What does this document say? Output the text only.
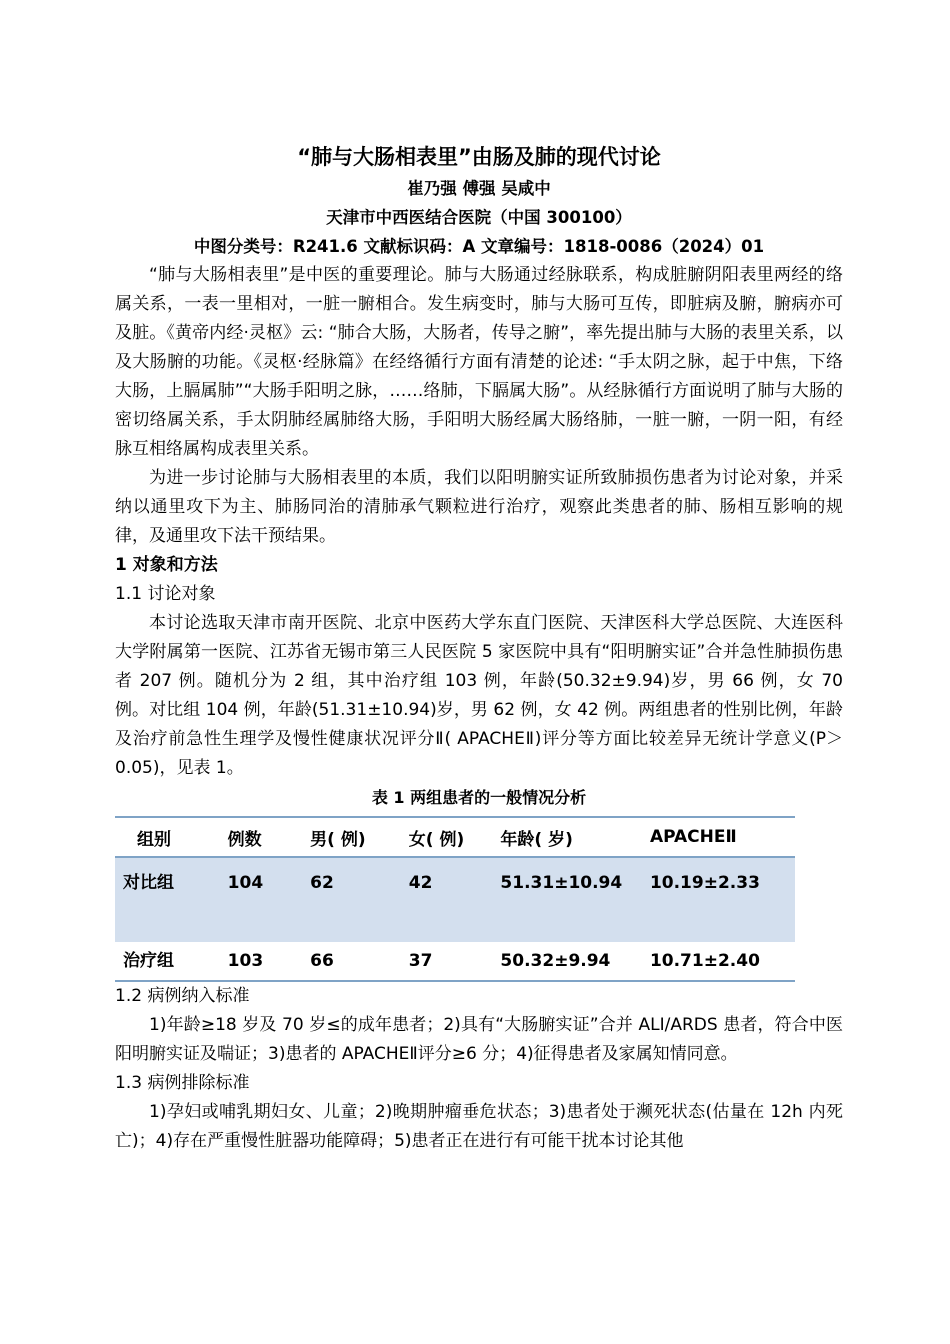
“肺与大肠相表里”由肠及肺的现代讨论

崔乃强 傅强 吴咸中

天津市中西医结合医院（中国 300100）

中图分类号：R241.6 文献标识码：A 文章编号：1818-0086（2024）01

“肺与大肠相表里”是中医的重要理论。肺与大肠通过经脉联系，构成脏腑阴阳表里两经的络属关系，一表一里相对，一脏一腑相合。发生病变时，肺与大肠可互传，即脏病及腑，腑病亦可及脏。《黄帝内经·灵枢》云: “肺合大肠，大肠者，传导之腑”，率先提出肺与大肠的表里关系，以及大肠腑的功能。《灵枢·经脉篇》在经络循行方面有清楚的论述: “手太阴之脉，起于中焦，下络大肠，上膈属肺”“大肠手阳明之脉，……络肺，下膈属大肠”。从经脉循行方面说明了肺与大肠的密切络属关系，手太阴肺经属肺络大肠，手阳明大肠经属大肠络肺，一脏一腑，一阴一阳，有经脉互相络属构成表里关系。

为进一步讨论肺与大肠相表里的本质，我们以阳明腑实证所致肺损伤患者为讨论对象，并采纳以通里攻下为主、肺肠同治的清肺承气颗粒进行治疗，观察此类患者的肺、肠相互影响的规律，及通里攻下法干预结果。

1 对象和方法

1.1 讨论对象

本讨论选取天津市南开医院、北京中医药大学东直门医院、天津医科大学总医院、大连医科大学附属第一医院、江苏省无锡市第三人民医院 5 家医院中具有“阳明腑实证”合并急性肺损伤患者 207 例。随机分为 2 组，其中治疗组 103 例，年龄(50.32±9.94)岁，男 66 例，女 70 例。对比组 104 例，年龄(51.31±10.94)岁，男 62 例，女 42 例。两组患者的性别比例，年龄及治疗前急性生理学及慢性健康状况评分Ⅱ( APACHEⅡ)评分等方面比较差异无统计学意义(P＞0.05)，见表 1。

表 1 两组患者的一般情况分析

组别	例数	男( 例)	女( 例)	年龄( 岁)	APACHEⅡ
对比组	104	62	42	51.31±10.94	10.19±2.33
治疗组	103	66	37	50.32±9.94	10.71±2.40

1.2 病例纳入标准

1)年龄≥18 岁及 70 岁≤的成年患者；2)具有“大肠腑实证”合并 ALI/ARDS 患者，符合中医阳明腑实证及喘证；3)患者的 APACHEⅡ评分≥6 分；4)征得患者及家属知情同意。

1.3 病例排除标准

1)孕妇或哺乳期妇女、儿童；2)晚期肿瘤垂危状态；3)患者处于濒死状态(估量在 12h 内死亡)；4)存在严重慢性脏器功能障碍；5)患者正在进行有可能干扰本讨论其他
